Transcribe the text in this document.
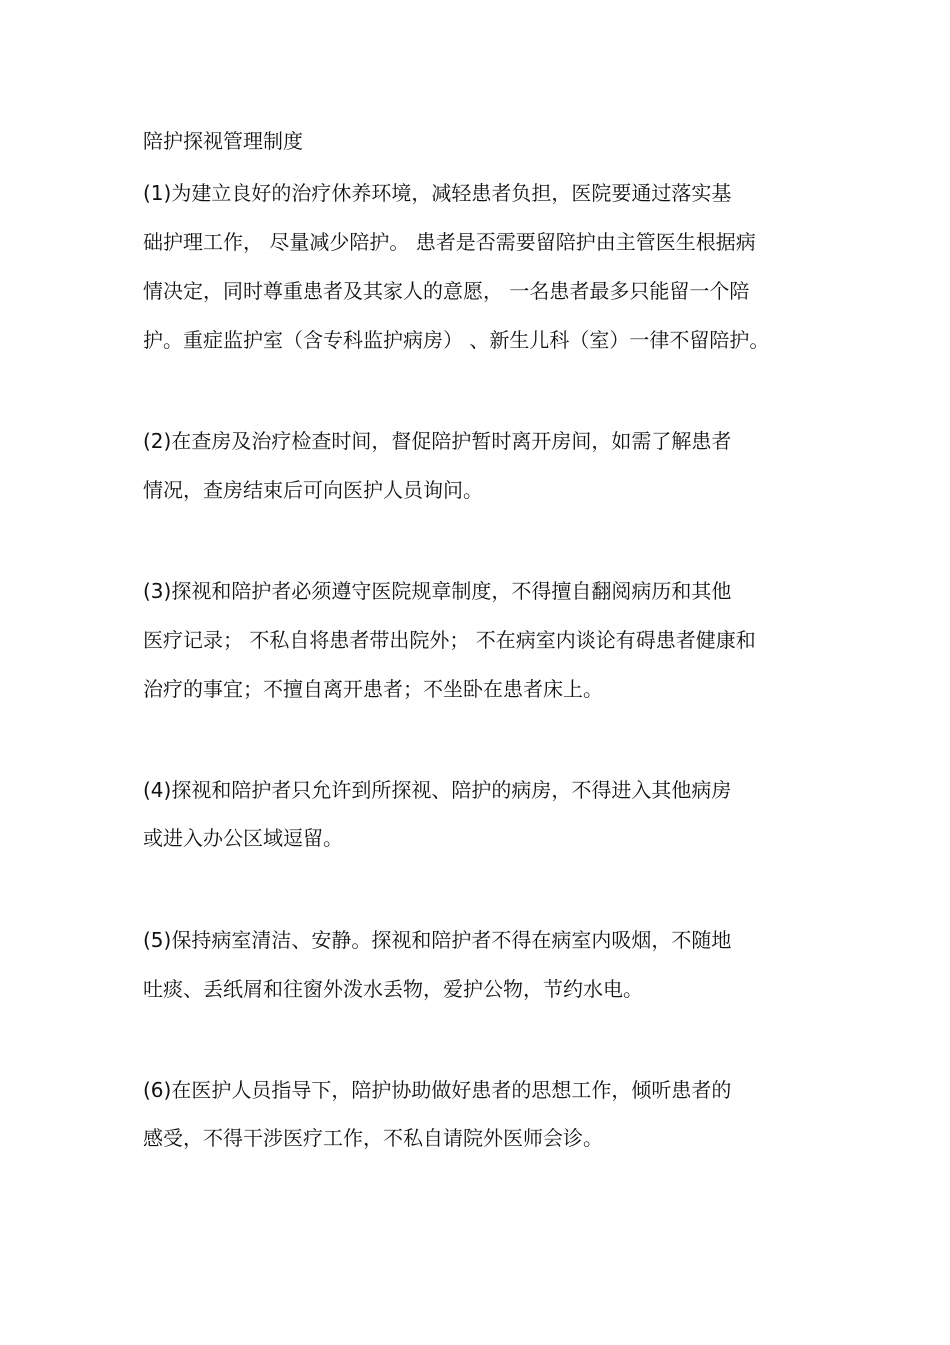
陪护探视管理制度
(1)为建立良好的治疗休养环境，减轻患者负担，医院要通过落实基
础护理工作， 尽量减少陪护。 患者是否需要留陪护由主管医生根据病
情决定，同时尊重患者及其家人的意愿， 一名患者最多只能留一个陪
护。重症监护室（含专科监护病房） 、新生儿科（室）一律不留陪护。
(2)在查房及治疗检查时间，督促陪护暂时离开房间，如需了解患者
情况，查房结束后可向医护人员询问。
(3)探视和陪护者必须遵守医院规章制度，不得擅自翻阅病历和其他
医疗记录； 不私自将患者带出院外； 不在病室内谈论有碍患者健康和
治疗的事宜；不擅自离开患者；不坐卧在患者床上。
(4)探视和陪护者只允许到所探视、陪护的病房，不得进入其他病房
或进入办公区域逗留。
(5)保持病室清洁、安静。探视和陪护者不得在病室内吸烟，不随地
吐痰、丢纸屑和往窗外泼水丢物，爱护公物，节约水电。
(6)在医护人员指导下，陪护协助做好患者的思想工作，倾听患者的
感受，不得干涉医疗工作，不私自请院外医师会诊。
